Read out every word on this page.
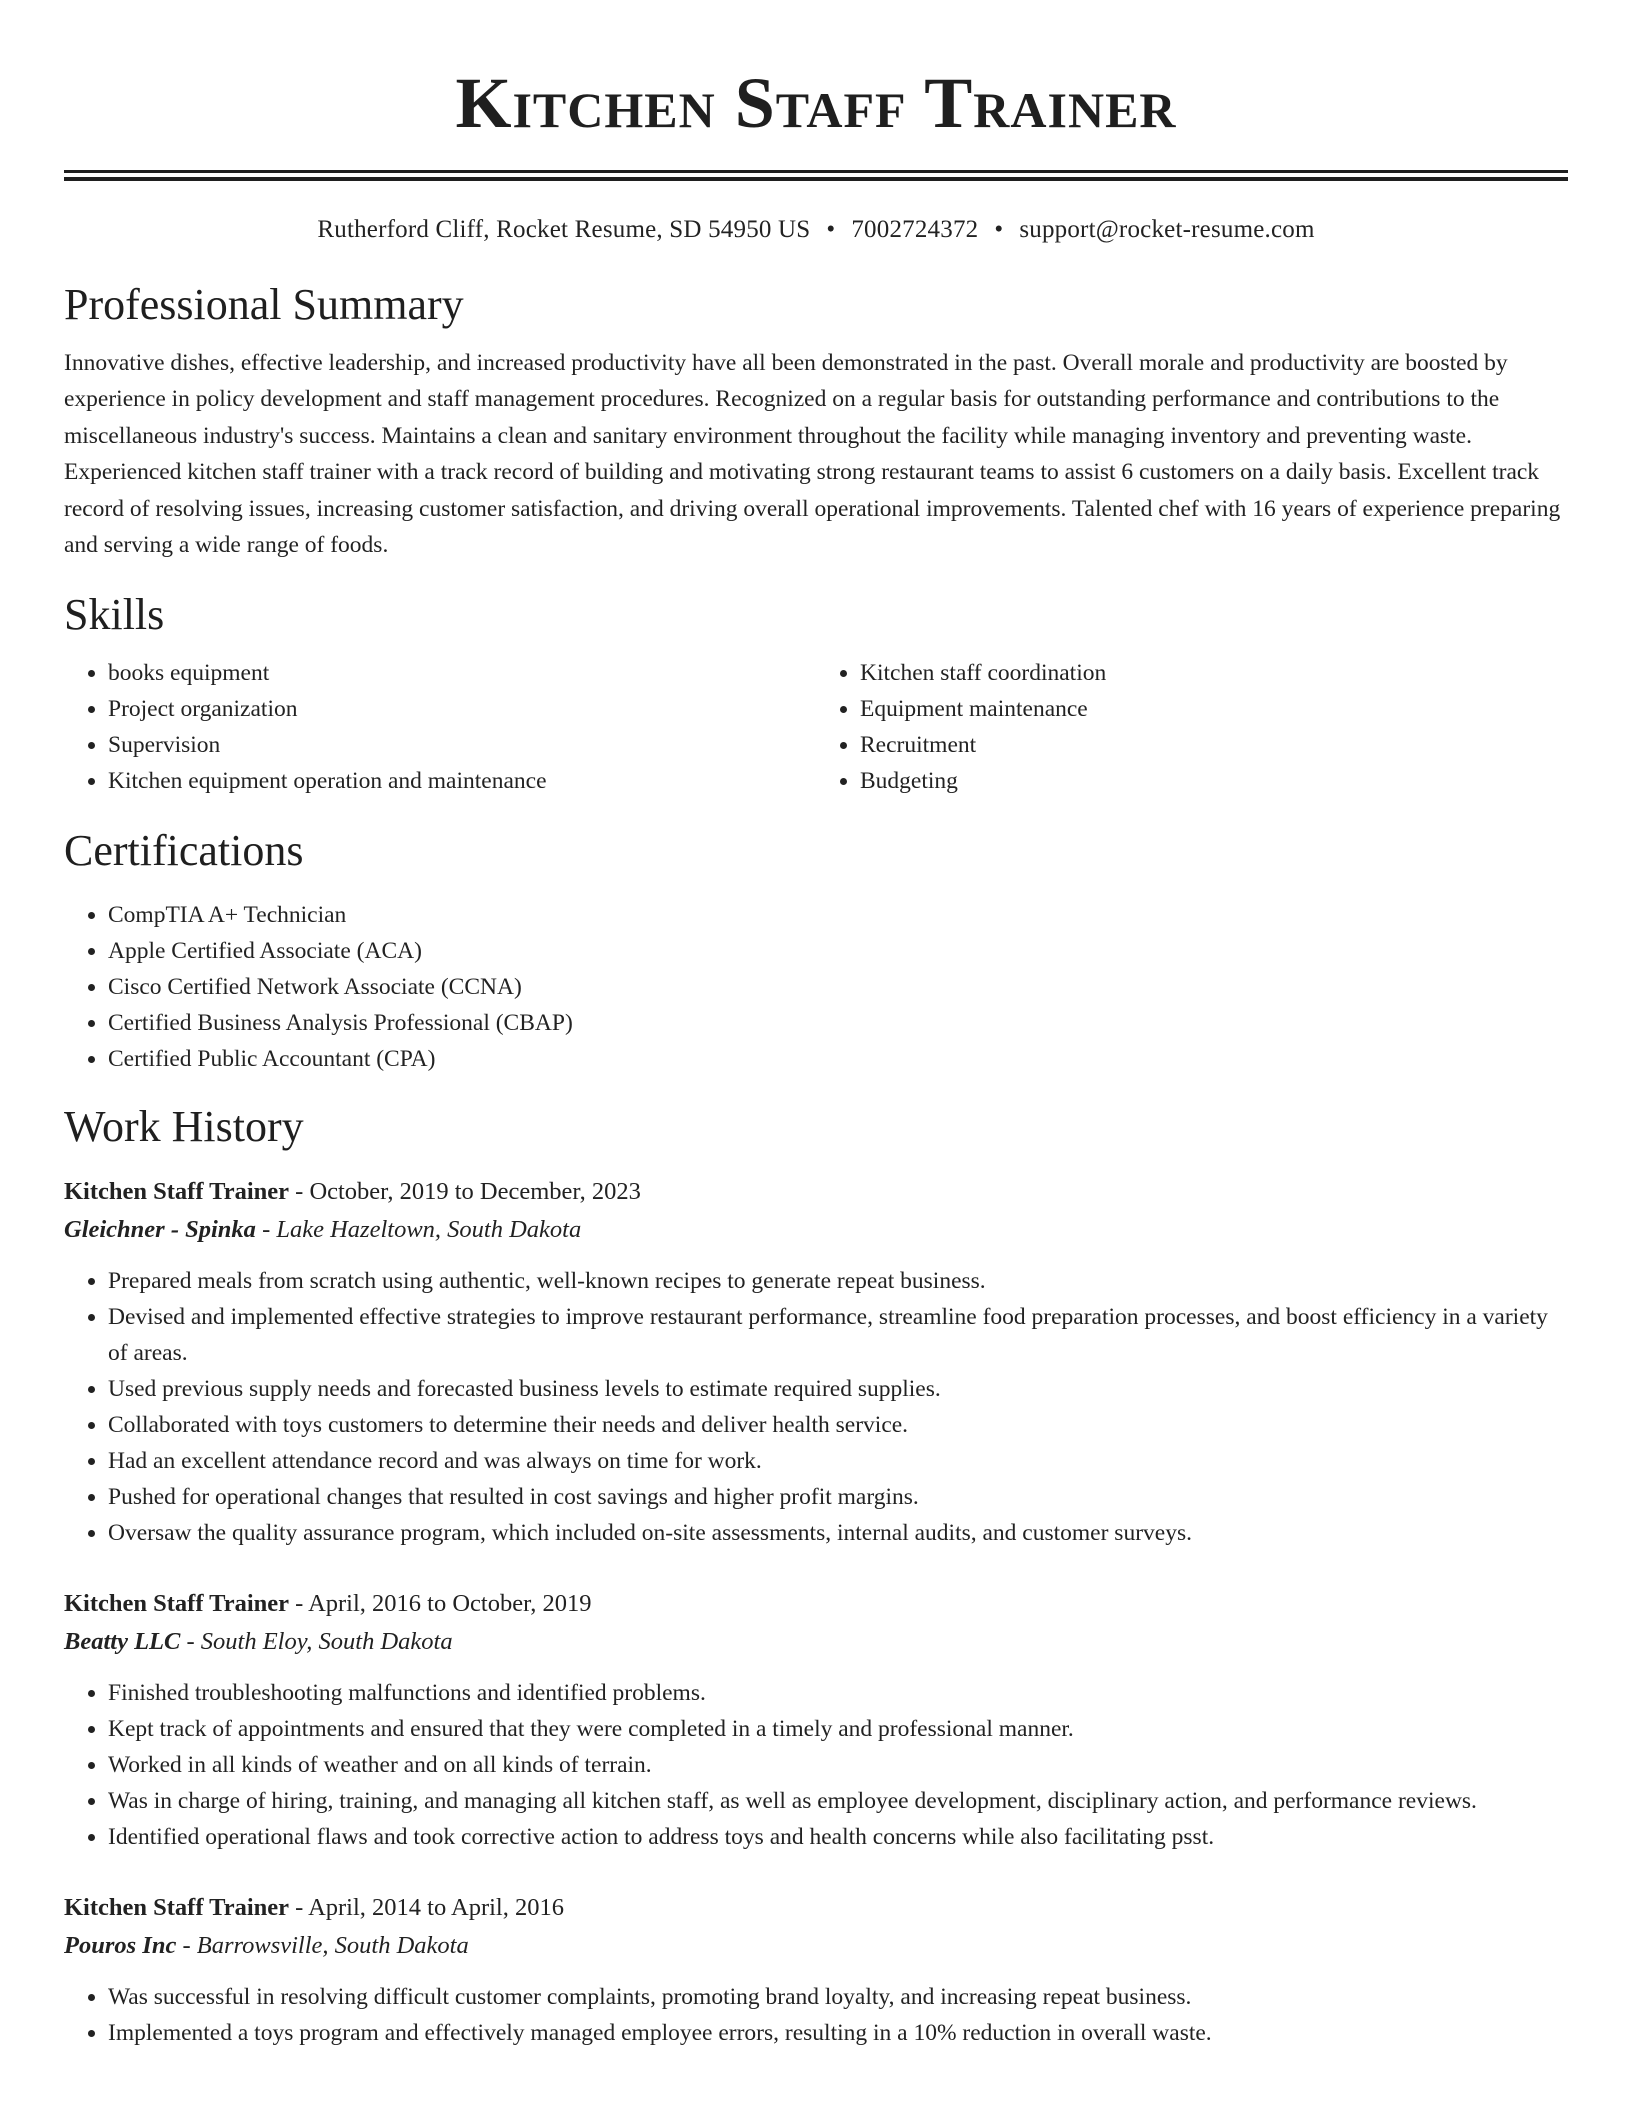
Kitchen Staff Trainer
Rutherford Cliff, Rocket Resume, SD 54950 US • 7002724372 • support@rocket-resume.com
Professional Summary

Innovative dishes, effective leadership, and increased productivity have all been demonstrated in the past. Overall morale and productivity are boosted by experience in policy development and staff management procedures. Recognized on a regular basis for outstanding performance and contributions to the miscellaneous industry's success. Maintains a clean and sanitary environment throughout the facility while managing inventory and preventing waste. Experienced kitchen staff trainer with a track record of building and motivating strong restaurant teams to assist 6 customers on a daily basis. Excellent track record of resolving issues, increasing customer satisfaction, and driving overall operational improvements. Talented chef with 16 years of experience preparing and serving a wide range of foods.

Skills
• books equipment
• Project organization
• Supervision
• Kitchen equipment operation and maintenance
• Kitchen staff coordination
• Equipment maintenance
• Recruitment
• Budgeting
Certifications
• CompTIA A+ Technician
• Apple Certified Associate (ACA)
• Cisco Certified Network Associate (CCNA)
• Certified Business Analysis Professional (CBAP)
• Certified Public Accountant (CPA)
Work History
Kitchen Staff Trainer - October, 2019 to December, 2023
Gleichner - Spinka - Lake Hazeltown, South Dakota
• Prepared meals from scratch using authentic, well-known recipes to generate repeat business.
• Devised and implemented effective strategies to improve restaurant performance, streamline food preparation processes, and boost efficiency in a variety of areas.
• Used previous supply needs and forecasted business levels to estimate required supplies.
• Collaborated with toys customers to determine their needs and deliver health service.
• Had an excellent attendance record and was always on time for work.
• Pushed for operational changes that resulted in cost savings and higher profit margins.
• Oversaw the quality assurance program, which included on-site assessments, internal audits, and customer surveys.
Kitchen Staff Trainer - April, 2016 to October, 2019
Beatty LLC - South Eloy, South Dakota
• Finished troubleshooting malfunctions and identified problems.
• Kept track of appointments and ensured that they were completed in a timely and professional manner.
• Worked in all kinds of weather and on all kinds of terrain.
• Was in charge of hiring, training, and managing all kitchen staff, as well as employee development, disciplinary action, and performance reviews.
• Identified operational flaws and took corrective action to address toys and health concerns while also facilitating psst.
Kitchen Staff Trainer - April, 2014 to April, 2016
Pouros Inc - Barrowsville, South Dakota
• Was successful in resolving difficult customer complaints, promoting brand loyalty, and increasing repeat business.
• Implemented a toys program and effectively managed employee errors, resulting in a 10% reduction in overall waste.
